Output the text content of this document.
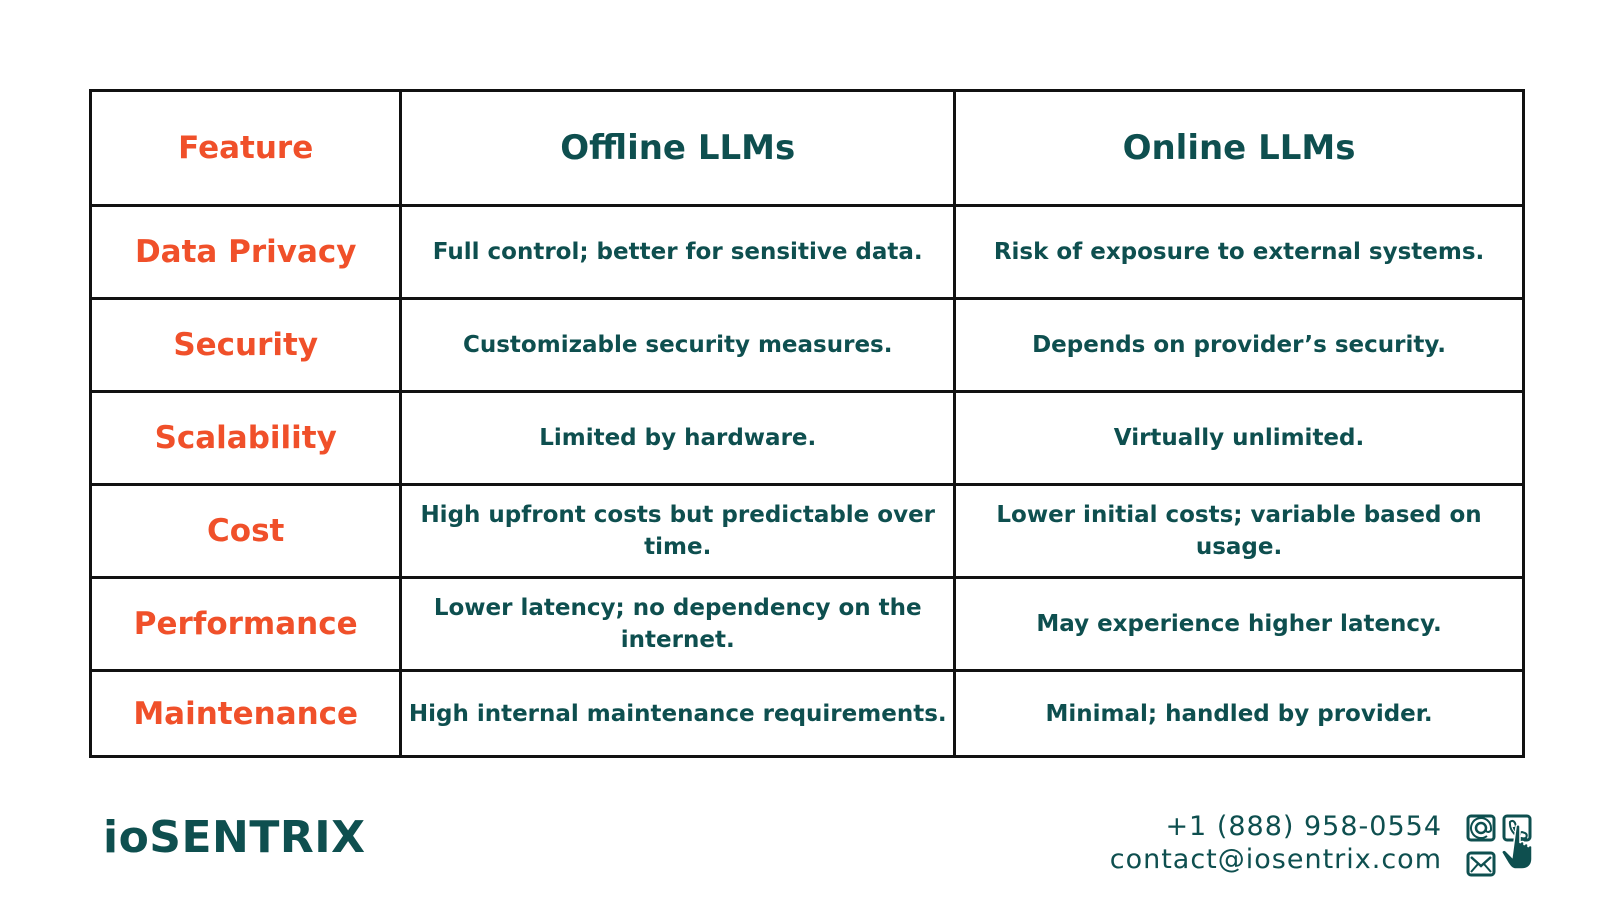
Feature	Offline LLMs	Online LLMs
Data Privacy	Full control; better for sensitive data.	Risk of exposure to external systems.
Security	Customizable security measures.	Depends on provider’s security.
Scalability	Limited by hardware.	Virtually unlimited.
Cost	High upfront costs but predictable over time.	Lower initial costs; variable based on usage.
Performance	Lower latency; no dependency on the internet.	May experience higher latency.
Maintenance	High internal maintenance requirements.	Minimal; handled by provider.
ioSENTRIX	+1 (888) 958-0554
contact@iosentrix.com
